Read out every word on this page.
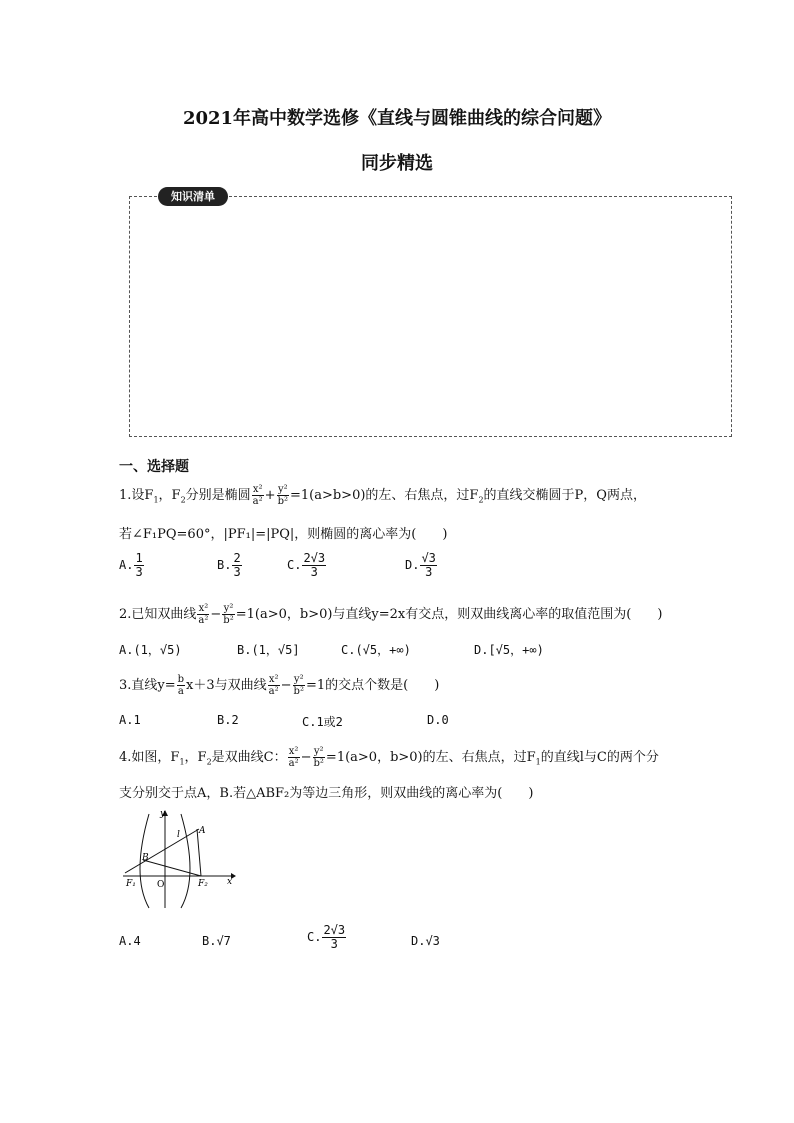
2021年高中数学选修《直线与圆锥曲线的综合问题》
同步精选
知识清单
一、选择题
1.设$F_1$，$F_2$分别是椭圆 $\frac{\text{x²}}{\text{a²}} + \frac{\text{y²}}{\text{b²}} =1(a>b>0)$的左、右焦点，过$F_2$的直线交椭圆于P，Q两点，
若∠F₁PQ=60°，|PF₁|=|PQ|，则椭圆的离心率为(　　)
A. $\frac{1}{3}$	B. $\frac{2}{3}$	C. $\frac{2√3}{3}$	D. $\frac{√3}{3}$
2.已知双曲线 $\frac{\text{x²}}{\text{a²}} - \frac{\text{y²}}{\text{b²}} =1(a>0$，b>0)与直线y=2x有交点，则双曲线离心率的取值范围为(　　)
A.(1，√5)	B.(1，√5]	C.(√5，+∞)	D.[√5，+∞)
3.直线$y= \frac{b}{a} x+3$与双曲线 $\frac{\text{x²}}{\text{a²}} - \frac{\text{y²}}{\text{b²}} =1$的交点个数是(　　)
A.1	B.2	C.1或2	D.0
4.如图，$F_1$，$F_2$是双曲线C： $\frac{\text{x²}}{\text{a²}} - \frac{\text{y²}}{\text{b²}} =1(a>0$，b>0)的左、右焦点，过$F_1$的直线l与C的两个分
支分别交于点A，B.若△ABF₂为等边三角形，则双曲线的离心率为(　　)
y
x
O
A
B
l
F₁	F₂
A.4	B.√7	C. $\frac{2√3}{3}$	D.√3
